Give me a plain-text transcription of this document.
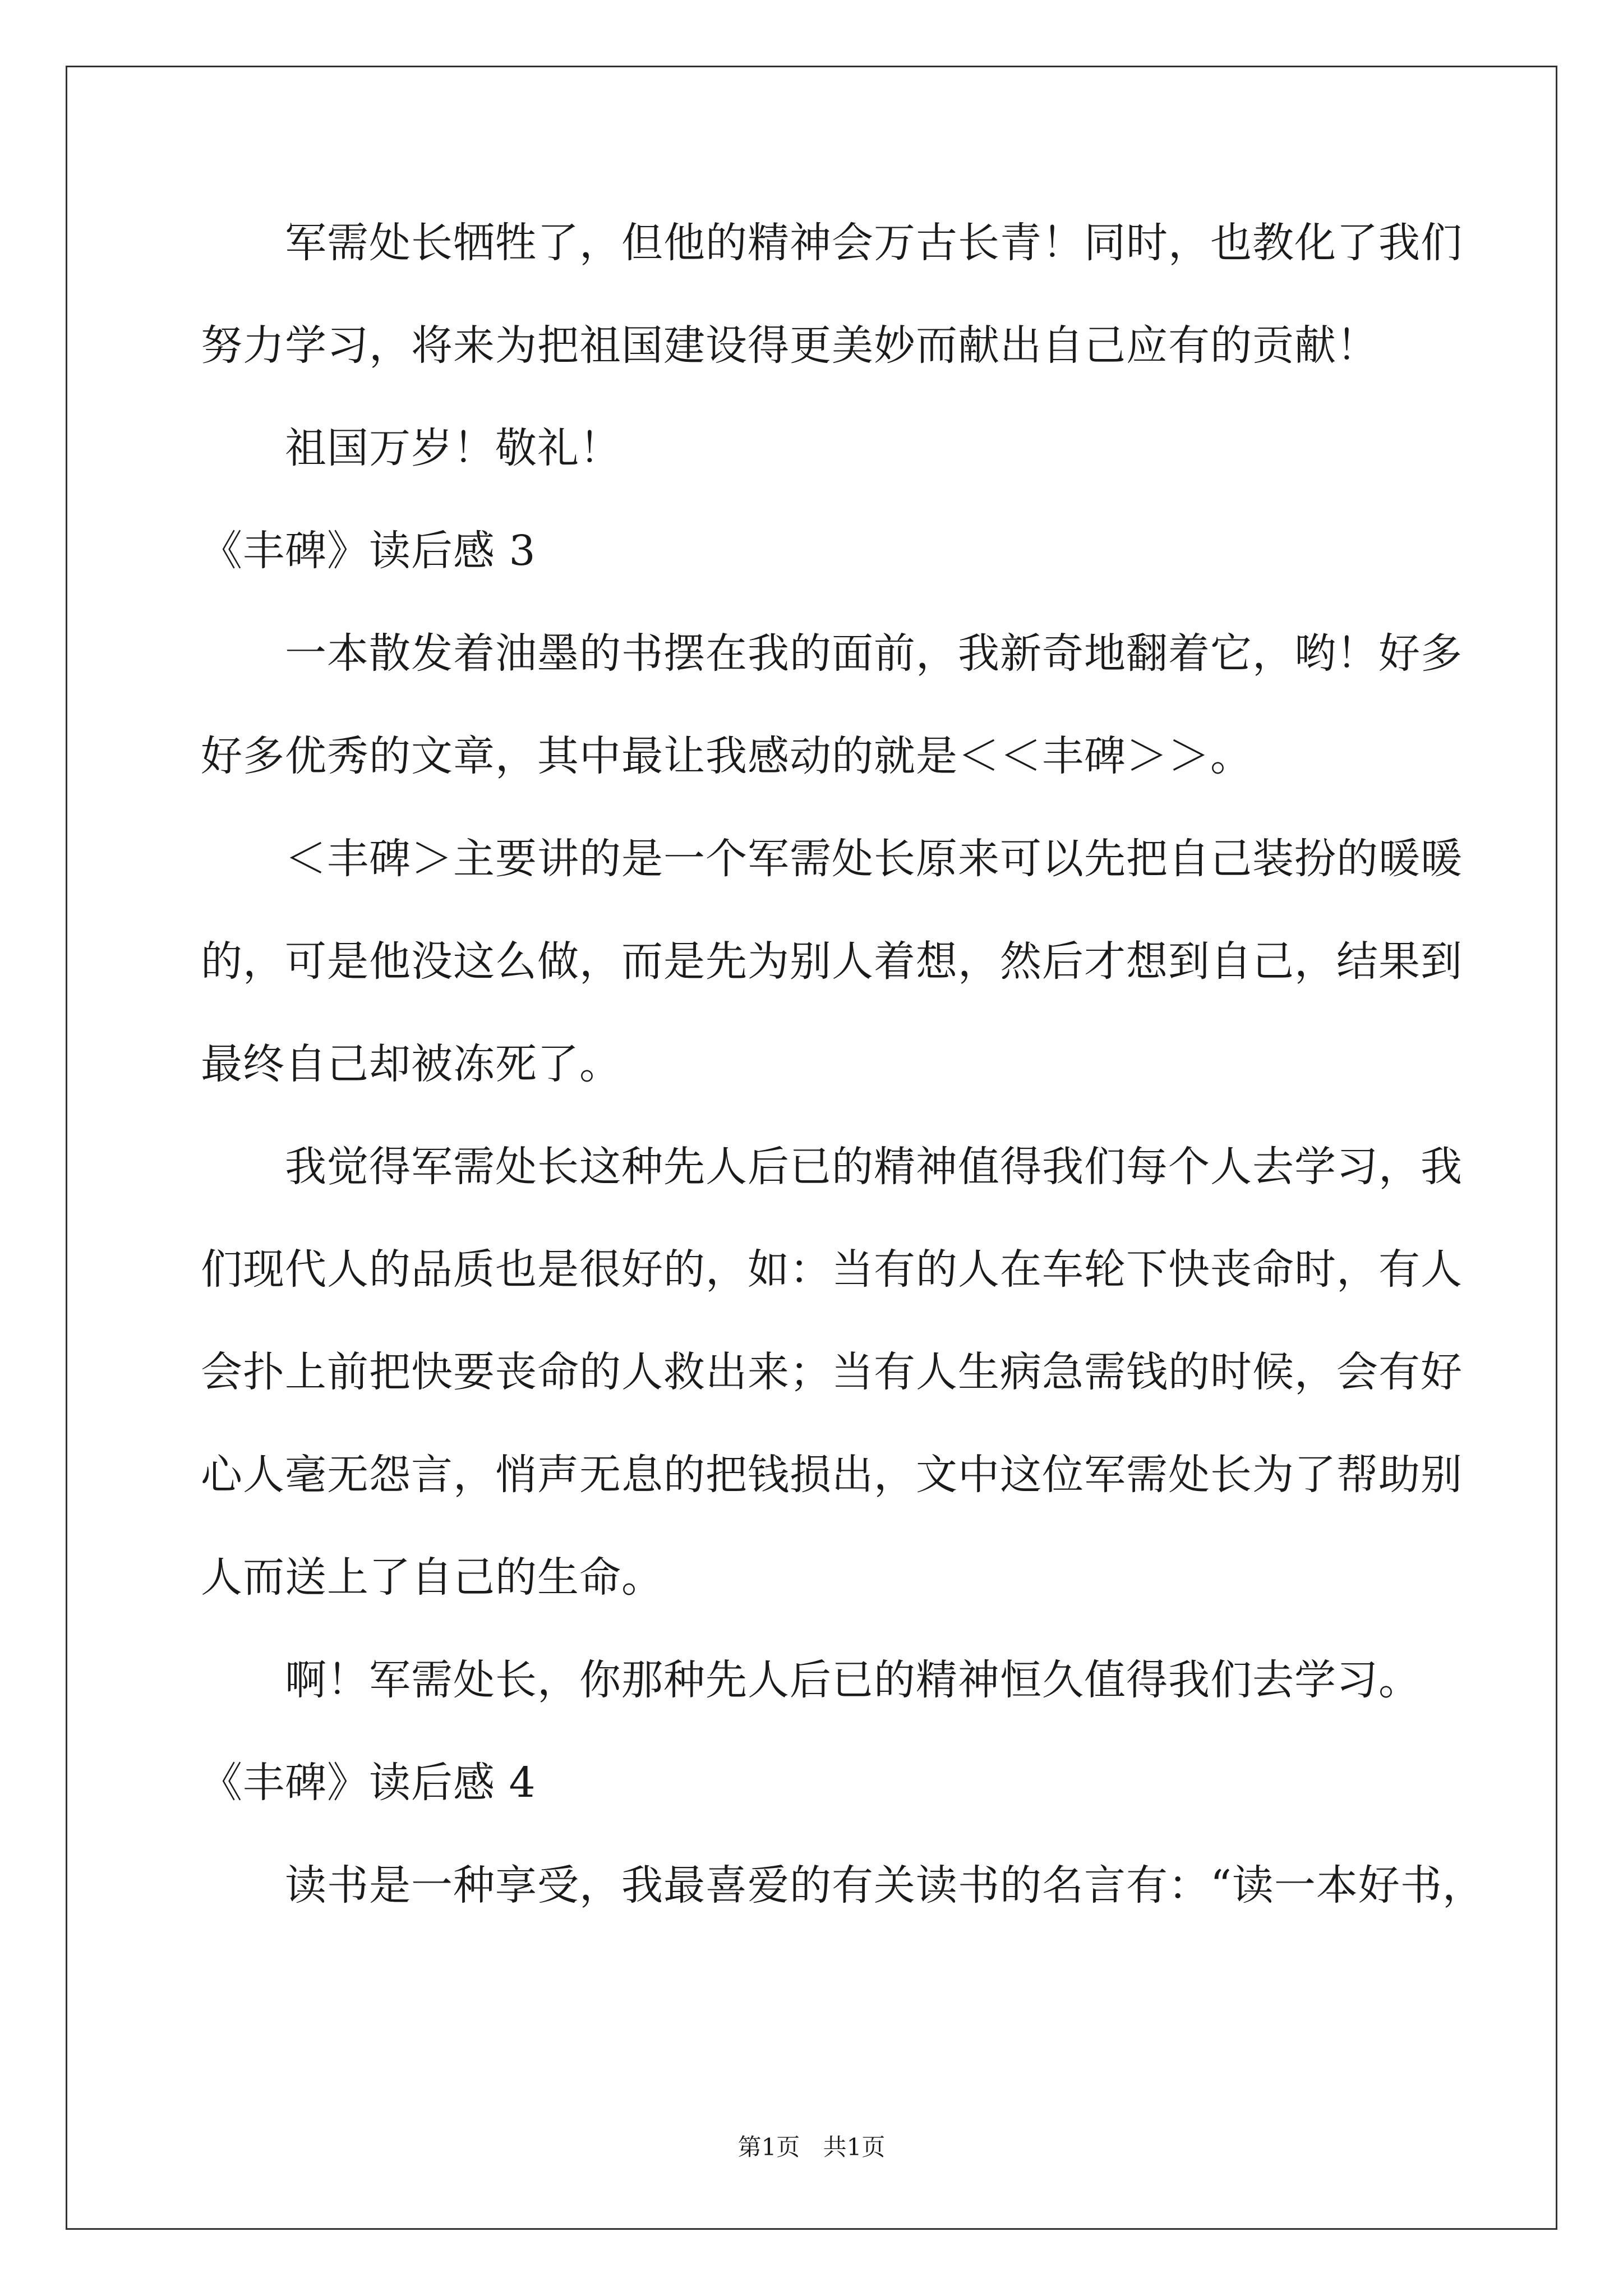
　　军需处长牺牲了，但他的精神会万古长青！同时，也教化了我们
努力学习，将来为把祖国建设得更美妙而献出自己应有的贡献！
　　祖国万岁！敬礼！
《丰碑》读后感 3
　　一本散发着油墨的书摆在我的面前，我新奇地翻着它，哟！好多
好多优秀的文章，其中最让我感动的就是＜＜丰碑＞＞。
　　＜丰碑＞主要讲的是一个军需处长原来可以先把自己装扮的暖暖
的，可是他没这么做，而是先为别人着想，然后才想到自己，结果到
最终自己却被冻死了。
　　我觉得军需处长这种先人后已的精神值得我们每个人去学习，我
们现代人的品质也是很好的，如：当有的人在车轮下快丧命时，有人
会扑上前把快要丧命的人救出来；当有人生病急需钱的时候，会有好
心人毫无怨言，悄声无息的把钱损出，文中这位军需处长为了帮助别
人而送上了自己的生命。
　　啊！军需处长，你那种先人后已的精神恒久值得我们去学习。
《丰碑》读后感 4
　　读书是一种享受，我最喜爱的有关读书的名言有：“读一本好书，
第1页 共1页
